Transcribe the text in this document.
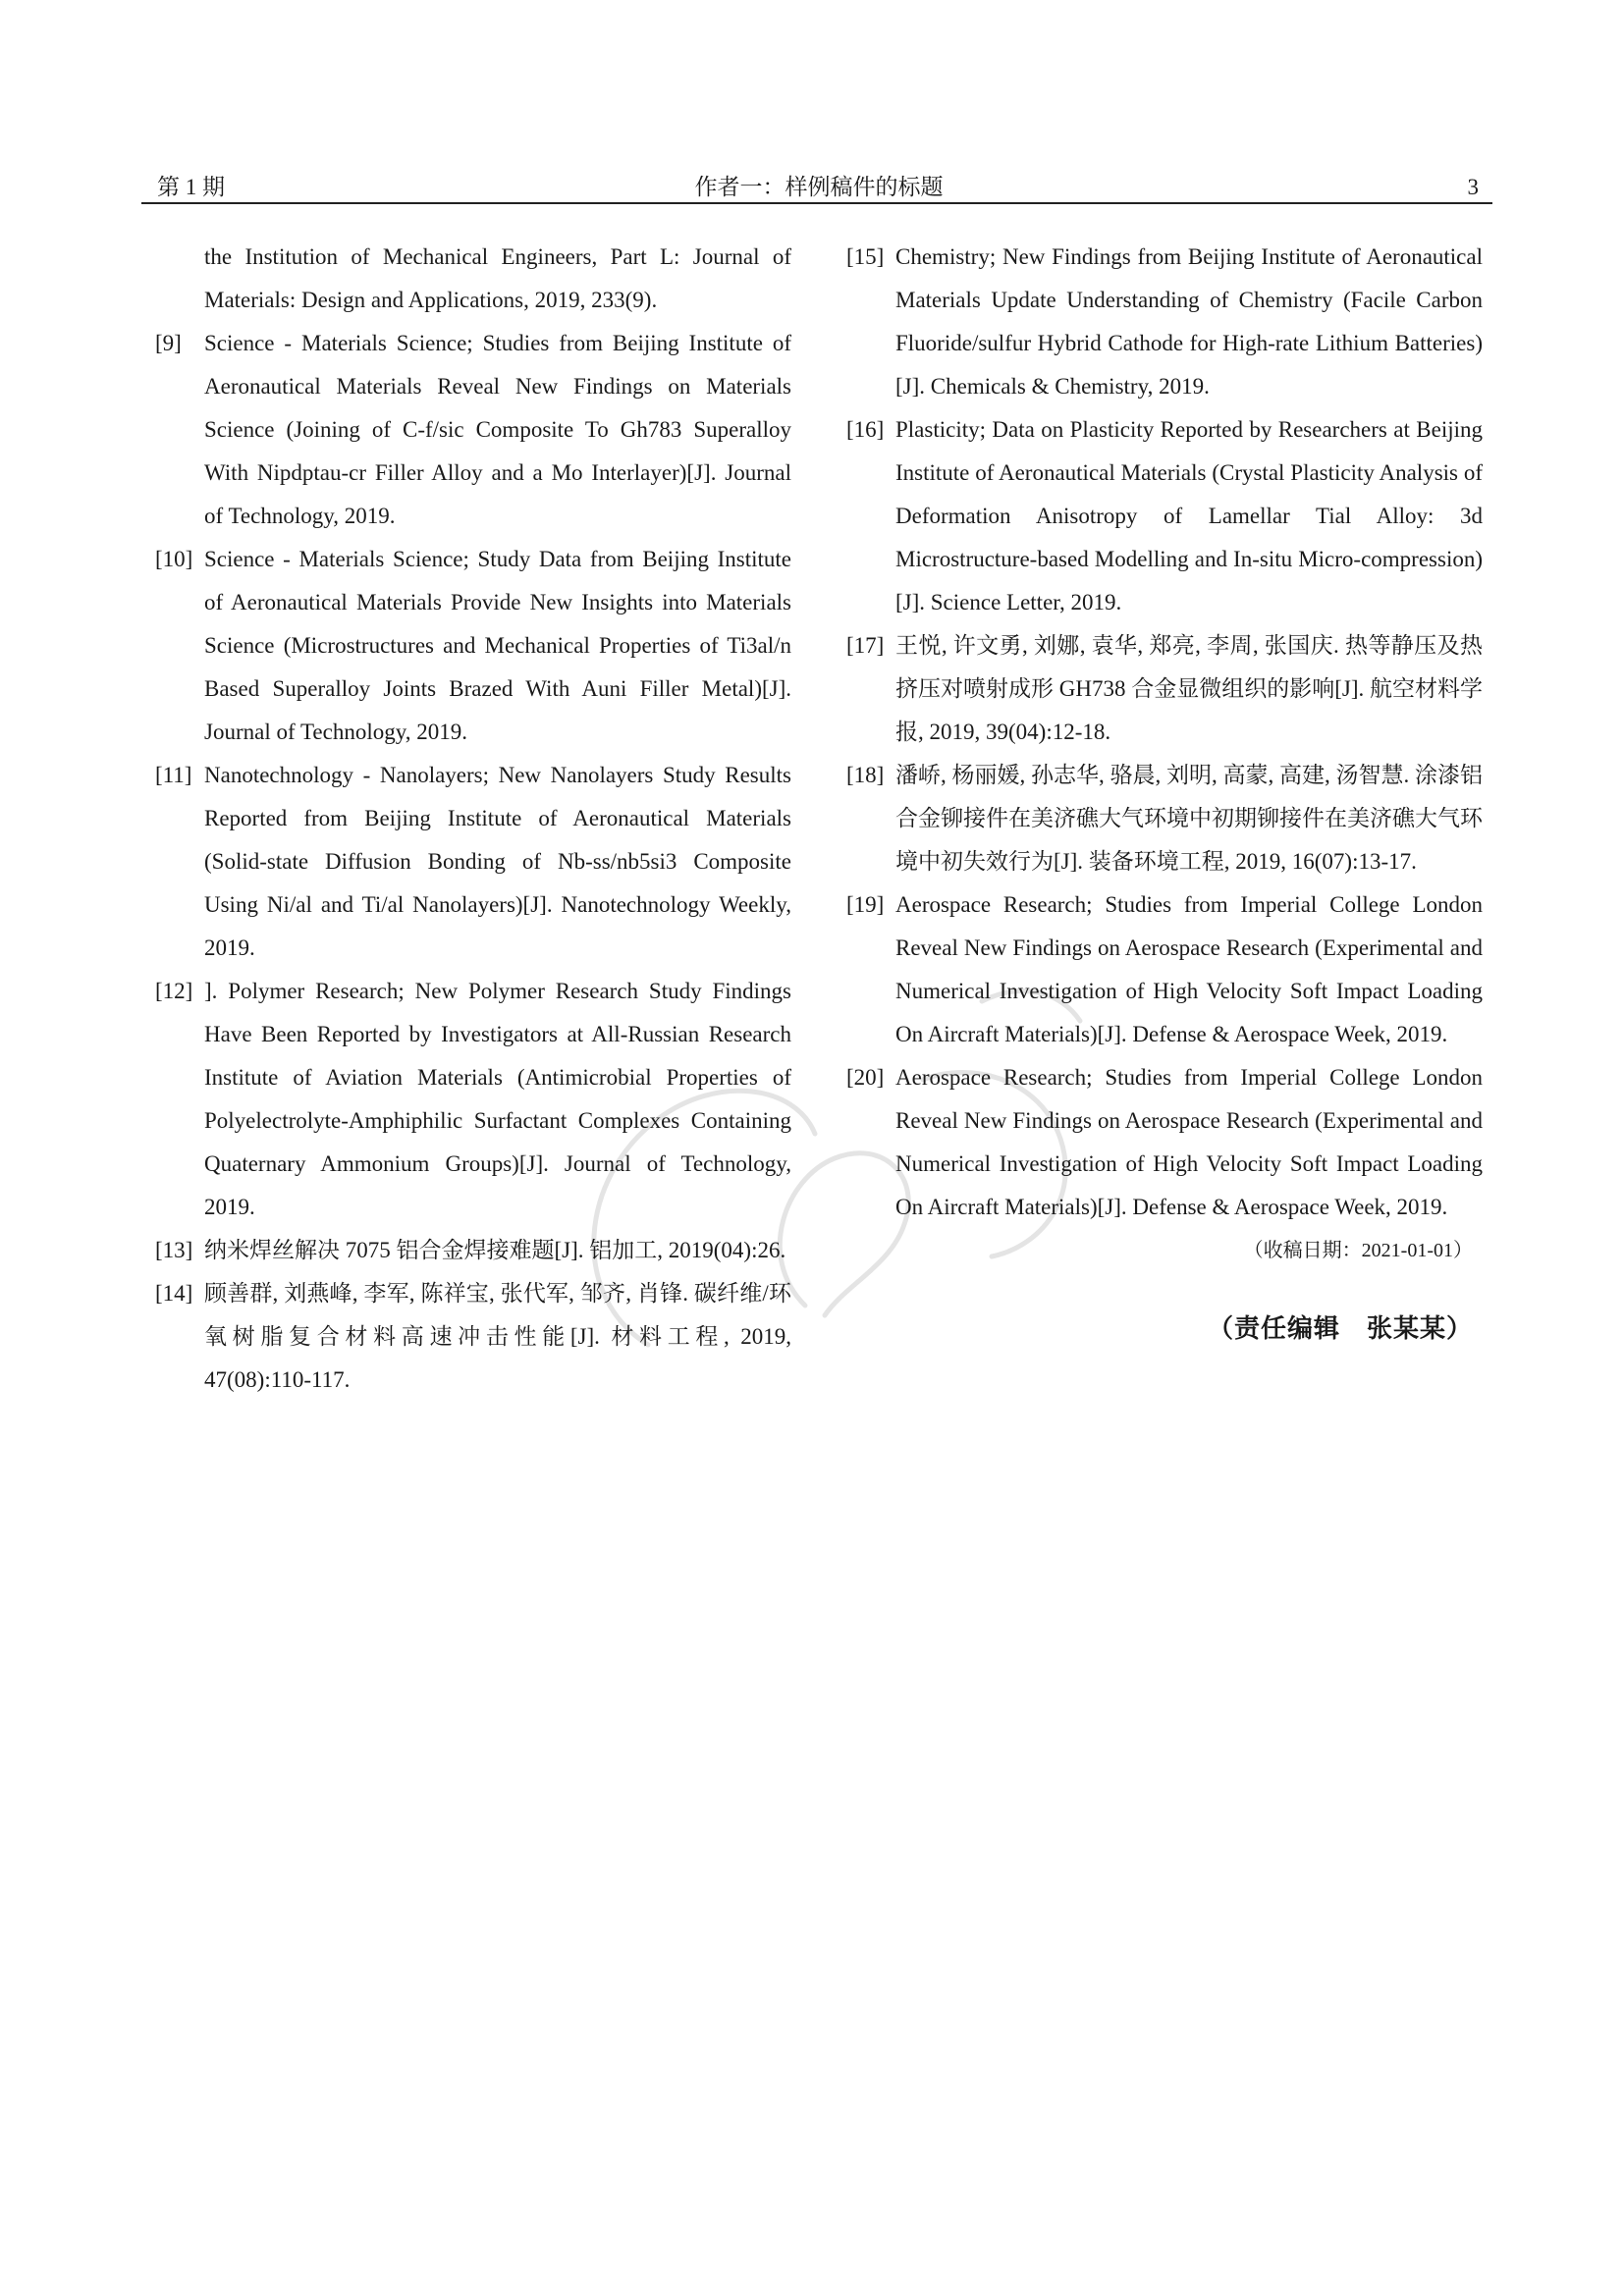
第 1 期	作者一：样例稿件的标题	3
the Institution of Mechanical Engineers, Part L: Journal of Materials: Design and Applications, 2019, 233(9).
[9] Science - Materials Science; Studies from Beijing Institute of Aeronautical Materials Reveal New Findings on Materials Science (Joining of C-f/sic Composite To Gh783 Superalloy With Nipdptau-cr Filler Alloy and a Mo Interlayer)[J]. Journal of Technology, 2019.
[10] Science - Materials Science; Study Data from Beijing Institute of Aeronautical Materials Provide New Insights into Materials Science (Microstructures and Mechanical Properties of Ti3al/n Based Superalloy Joints Brazed With Auni Filler Metal)[J]. Journal of Technology, 2019.
[11] Nanotechnology - Nanolayers; New Nanolayers Study Results Reported from Beijing Institute of Aeronautical Materials (Solid-state Diffusion Bonding of Nb-ss/nb5si3 Composite Using Ni/al and Ti/al Nanolayers)[J]. Nanotechnology Weekly, 2019.
[12] ]. Polymer Research; New Polymer Research Study Findings Have Been Reported by Investigators at All-Russian Research Institute of Aviation Materials (Antimicrobial Properties of Polyelectrolyte-Amphiphilic Surfactant Complexes Containing Quaternary Ammonium Groups)[J]. Journal of Technology, 2019.
[13] 纳米焊丝解决 7075 铝合金焊接难题[J]. 铝加工, 2019(04):26.
[14] 顾善群, 刘燕峰, 李军, 陈祥宝, 张代军, 邹齐, 肖锋. 碳纤维/环氧树脂复合材料高速冲击性能[J]. 材料工程, 2019, 47(08):110-117.
[15] Chemistry; New Findings from Beijing Institute of Aeronautical Materials Update Understanding of Chemistry (Facile Carbon Fluoride/sulfur Hybrid Cathode for High-rate Lithium Batteries)[J]. Chemicals & Chemistry, 2019.
[16] Plasticity; Data on Plasticity Reported by Researchers at Beijing Institute of Aeronautical Materials (Crystal Plasticity Analysis of Deformation Anisotropy of Lamellar Tial Alloy: 3d Microstructure-based Modelling and In-situ Micro-compression)[J]. Science Letter, 2019.
[17] 王悦, 许文勇, 刘娜, 袁华, 郑亮, 李周, 张国庆. 热等静压及热挤压对喷射成形 GH738 合金显微组织的影响[J]. 航空材料学报, 2019, 39(04):12-18.
[18] 潘峤, 杨丽媛, 孙志华, 骆晨, 刘明, 高蒙, 高建, 汤智慧. 涂漆铝合金铆接件在美济礁大气环境中初期铆接件在美济礁大气环境中初失效行为[J]. 装备环境工程, 2019, 16(07):13-17.
[19] Aerospace Research; Studies from Imperial College London Reveal New Findings on Aerospace Research (Experimental and Numerical Investigation of High Velocity Soft Impact Loading On Aircraft Materials)[J]. Defense & Aerospace Week, 2019.
[20] Aerospace Research; Studies from Imperial College London Reveal New Findings on Aerospace Research (Experimental and Numerical Investigation of High Velocity Soft Impact Loading On Aircraft Materials)[J]. Defense & Aerospace Week, 2019.
（收稿日期：2021-01-01）
（责任编辑　张某某）
